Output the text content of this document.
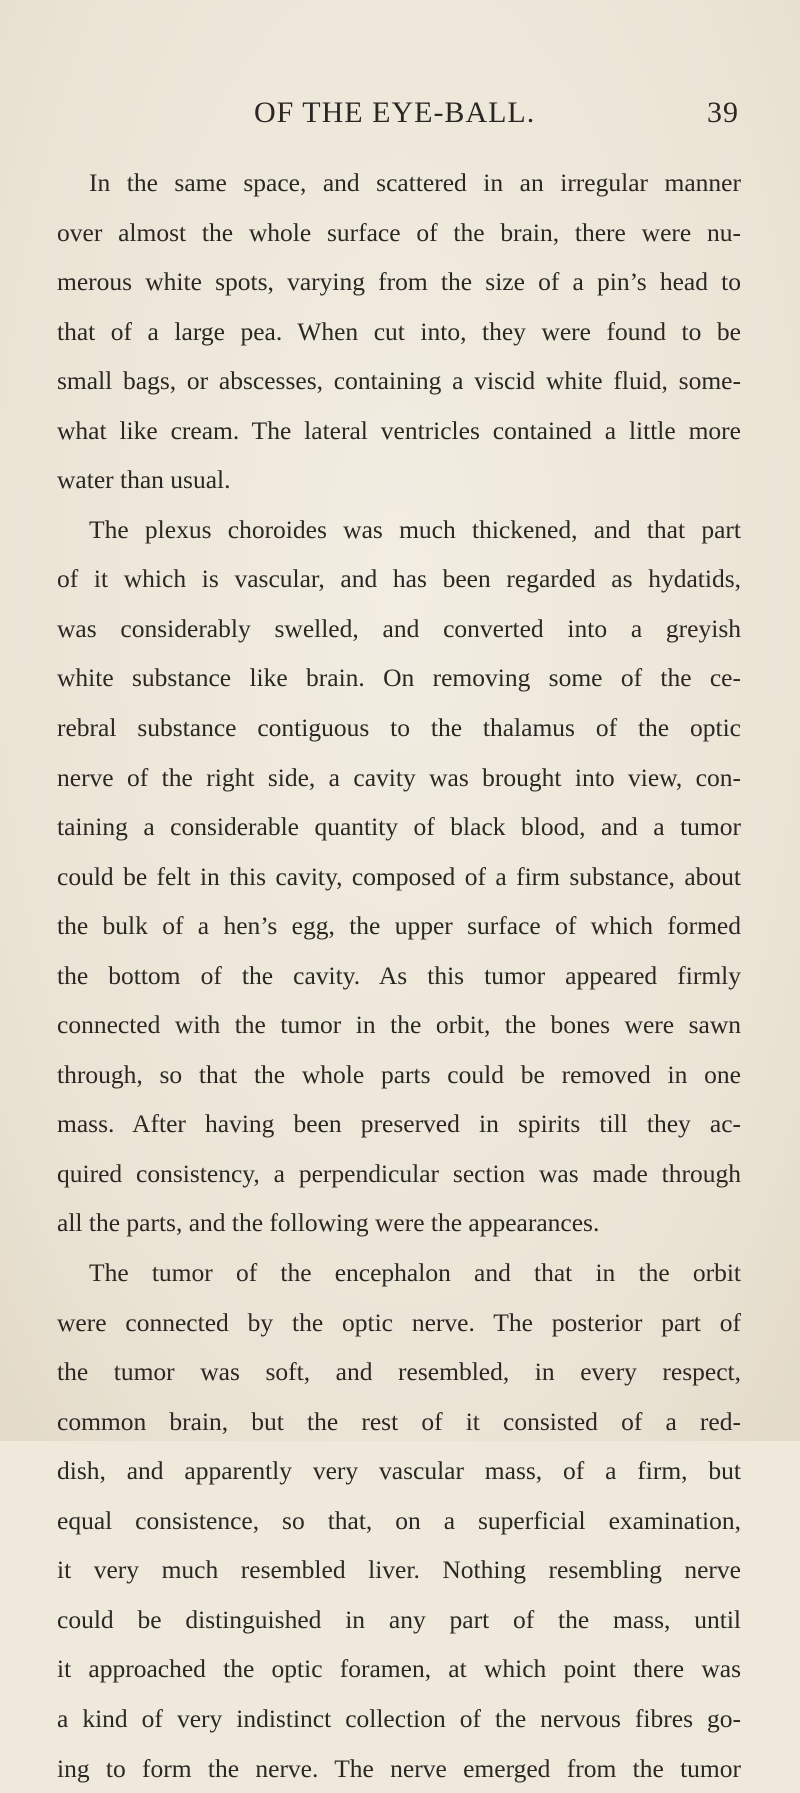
OF THE EYE-BALL.	39
In the same space, and scattered in an irregular manner
over almost the whole surface of the brain, there were nu-
merous white spots, varying from the size of a pin’s head to
that of a large pea. When cut into, they were found to be
small bags, or abscesses, containing a viscid white fluid, some-
what like cream. The lateral ventricles contained a little more
water than usual.
The plexus choroides was much thickened, and that part
of it which is vascular, and has been regarded as hydatids,
was considerably swelled, and converted into a greyish
white substance like brain. On removing some of the ce-
rebral substance contiguous to the thalamus of the optic
nerve of the right side, a cavity was brought into view, con-
taining a considerable quantity of black blood, and a tumor
could be felt in this cavity, composed of a firm substance, about
the bulk of a hen’s egg, the upper surface of which formed
the bottom of the cavity. As this tumor appeared firmly
connected with the tumor in the orbit, the bones were sawn
through, so that the whole parts could be removed in one
mass. After having been preserved in spirits till they ac-
quired consistency, a perpendicular section was made through
all the parts, and the following were the appearances.
The tumor of the encephalon and that in the orbit
were connected by the optic nerve. The posterior part of
the tumor was soft, and resembled, in every respect,
common brain, but the rest of it consisted of a red-
dish, and apparently very vascular mass, of a firm, but
equal consistence, so that, on a superficial examination,
it very much resembled liver. Nothing resembling nerve
could be distinguished in any part of the mass, until
it approached the optic foramen, at which point there was
a kind of very indistinct collection of the nervous fibres go-
ing to form the nerve. The nerve emerged from the tumor
